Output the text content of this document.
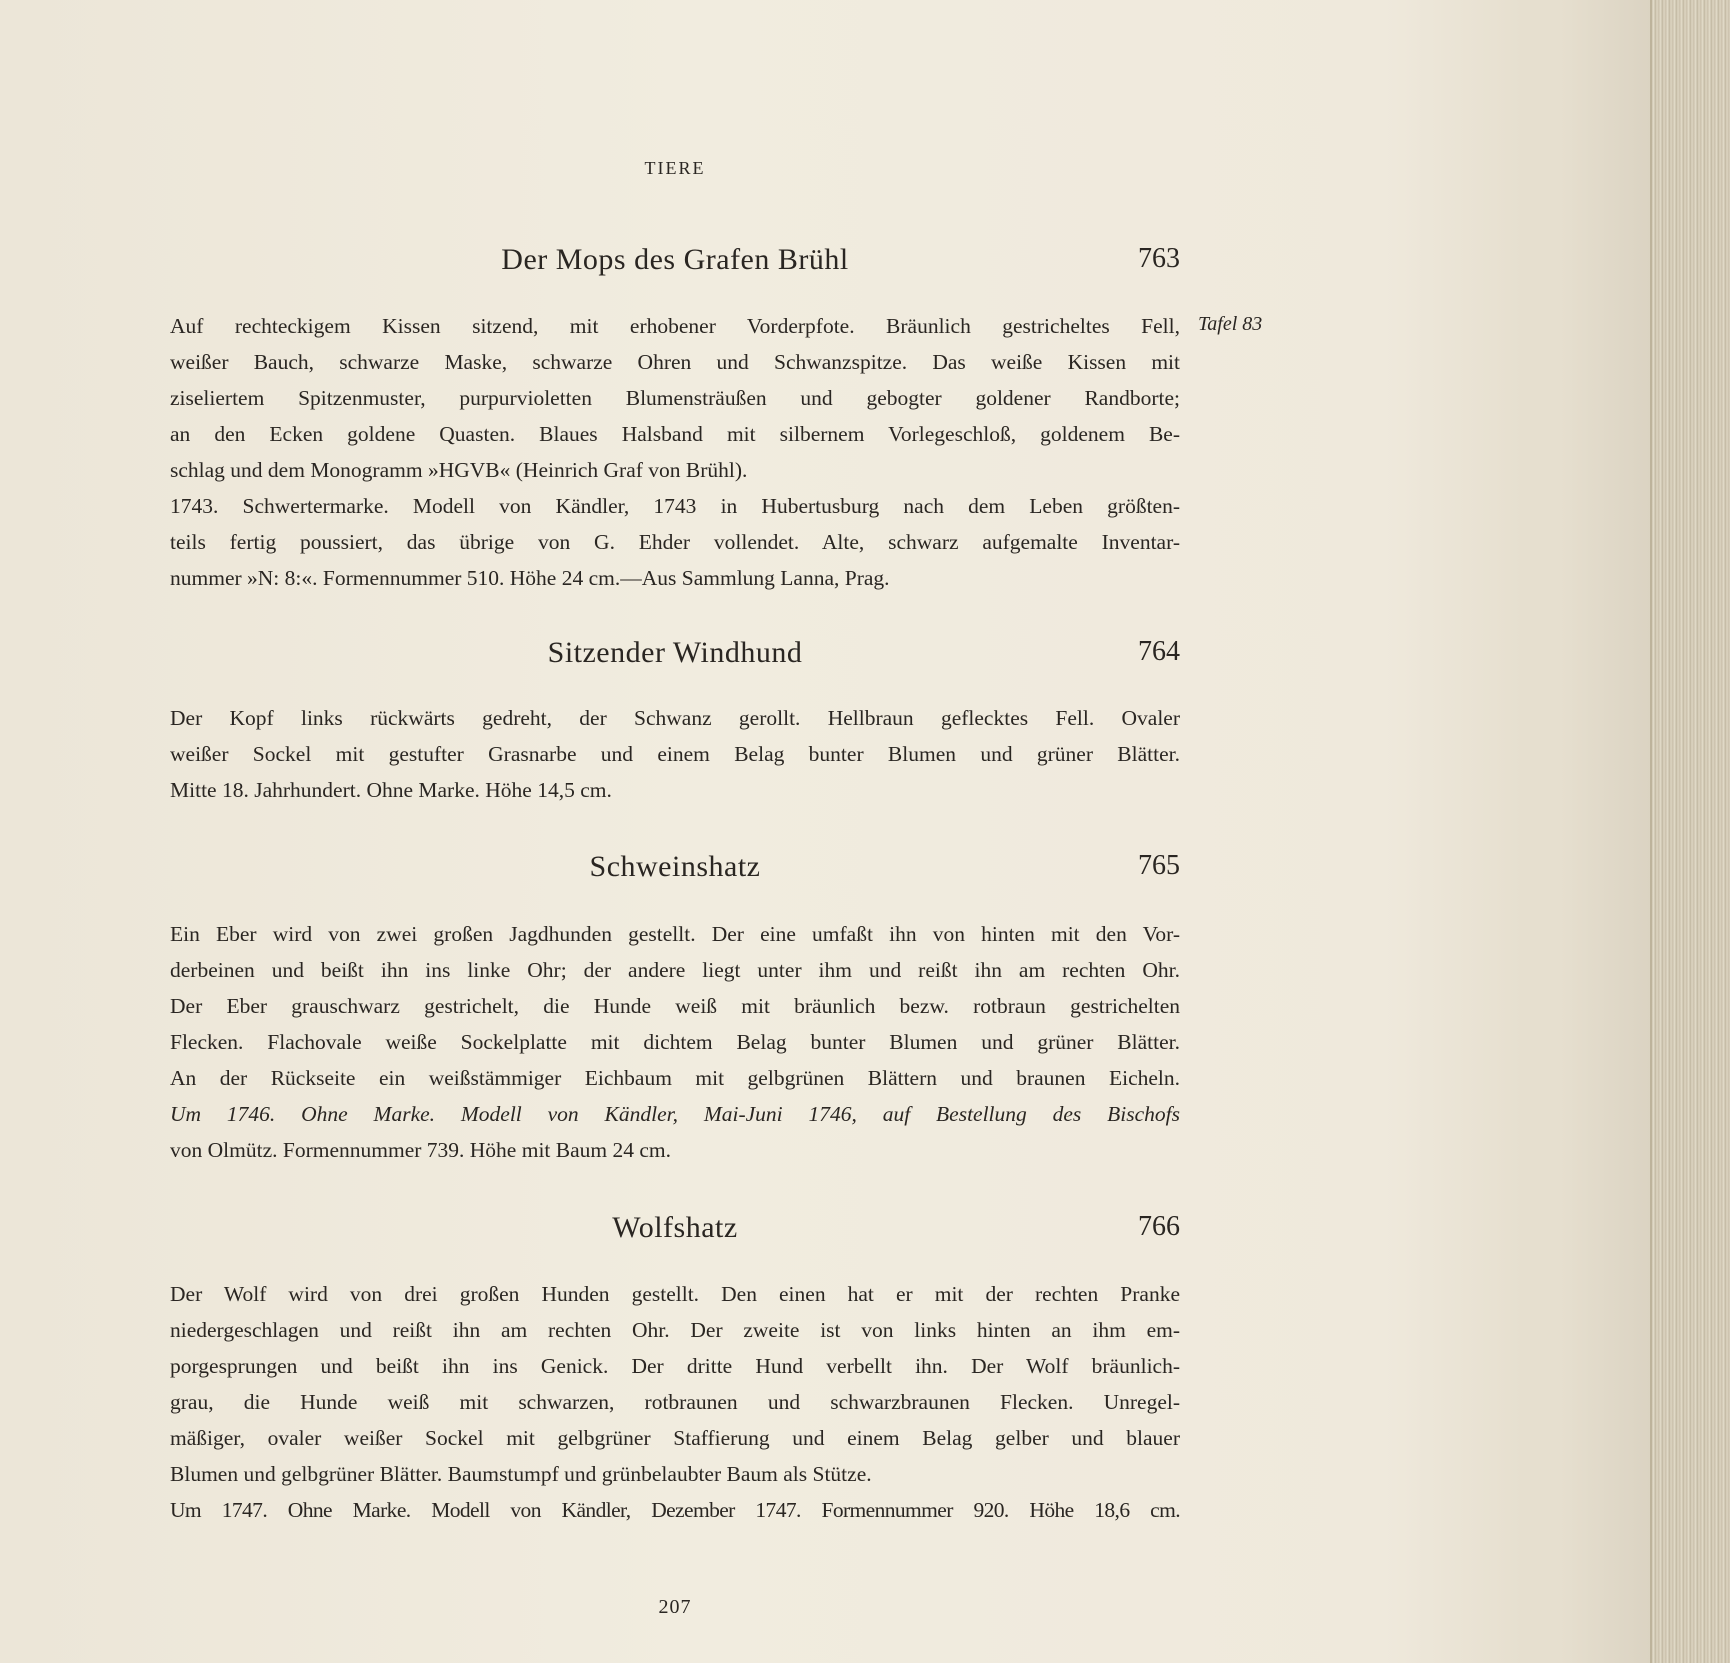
TIERE
Der Mops des Grafen Brühl	763
Tafel 83
Auf rechteckigem Kissen sitzend, mit erhobener Vorderpfote. Bräunlich gestricheltes Fell,
weißer Bauch, schwarze Maske, schwarze Ohren und Schwanzspitze. Das weiße Kissen mit
ziseliertem Spitzenmuster, purpurvioletten Blumensträußen und gebogter goldener Randborte;
an den Ecken goldene Quasten. Blaues Halsband mit silbernem Vorlegeschloß, goldenem Be-
schlag und dem Monogramm »HGVB« (Heinrich Graf von Brühl).
1743. Schwertermarke. Modell von Kändler, 1743 in Hubertusburg nach dem Leben größten-
teils fertig poussiert, das übrige von G. Ehder vollendet. Alte, schwarz aufgemalte Inventar-
nummer »N: 8:«. Formennummer 510. Höhe 24 cm.—Aus Sammlung Lanna, Prag.
Sitzender Windhund	764
Der Kopf links rückwärts gedreht, der Schwanz gerollt. Hellbraun geflecktes Fell. Ovaler
weißer Sockel mit gestufter Grasnarbe und einem Belag bunter Blumen und grüner Blätter.
Mitte 18. Jahrhundert. Ohne Marke. Höhe 14,5 cm.
Schweinshatz	765
Ein Eber wird von zwei großen Jagdhunden gestellt. Der eine umfaßt ihn von hinten mit den Vor-
derbeinen und beißt ihn ins linke Ohr; der andere liegt unter ihm und reißt ihn am rechten Ohr.
Der Eber grauschwarz gestrichelt, die Hunde weiß mit bräunlich bezw. rotbraun gestrichelten
Flecken. Flachovale weiße Sockelplatte mit dichtem Belag bunter Blumen und grüner Blätter.
An der Rückseite ein weißstämmiger Eichbaum mit gelbgrünen Blättern und braunen Eicheln.
Um 1746. Ohne Marke. Modell von Kändler, Mai-Juni 1746, auf Bestellung des Bischofs
von Olmütz. Formennummer 739. Höhe mit Baum 24 cm.
Wolfshatz	766
Der Wolf wird von drei großen Hunden gestellt. Den einen hat er mit der rechten Pranke
niedergeschlagen und reißt ihn am rechten Ohr. Der zweite ist von links hinten an ihm em-
porgesprungen und beißt ihn ins Genick. Der dritte Hund verbellt ihn. Der Wolf bräunlich-
grau, die Hunde weiß mit schwarzen, rotbraunen und schwarzbraunen Flecken. Unregel-
mäßiger, ovaler weißer Sockel mit gelbgrüner Staffierung und einem Belag gelber und blauer
Blumen und gelbgrüner Blätter. Baumstumpf und grünbelaubter Baum als Stütze.
Um 1747. Ohne Marke. Modell von Kändler, Dezember 1747. Formennummer 920. Höhe 18,6 cm.
207
